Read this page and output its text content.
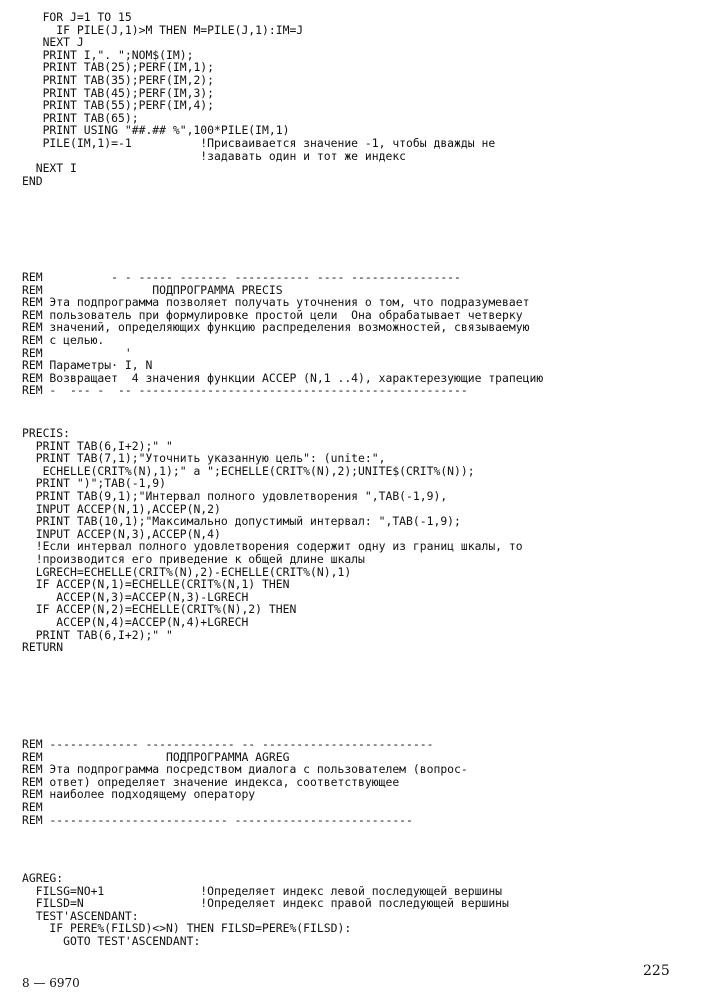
FOR J=1 TO 15
IF PILE(J,1)>M THEN M=PILE(J,1):IM=J
NEXT J
PRINT I,". ";NOM$(IM);
PRINT TAB(25);PERF(IM,1);
PRINT TAB(35);PERF(IM,2);
PRINT TAB(45);PERF(IM,3);
PRINT TAB(55);PERF(IM,4);
PRINT TAB(65);
PRINT USING "##.## %",100*PILE(IM,1)
PILE(IM,1)=-1          !Присваивается значение -1, чтобы дважды не
!задавать один и тот же индекс
NEXT I
END
REM          - - ----- ------- ----------- ---- ----------------
REM                ПОДПРОГРАММА PRECIS
REM Эта подпрограмма позволяет получать уточнения о том, что подразумевает
REM пользователь при формулировке простой цели  Она обрабатывает четверку
REM значений, определяющих функцию распределения возможностей, связываемую
REM с целью.
REM            '
REM Параметры· I, N
REM Возвращает  4 значения функции ACCEP (N,1 ..4), характерезующие трапецию
REM -  --- -  -- ------------------------------------------------
PRECIS:
PRINT TAB(6,I+2);" "
PRINT TAB(7,1);"Уточнить указанную цель": (unite:",
ECHELLE(CRIT%(N),1);" а ";ECHELLE(CRIT%(N),2);UNITE$(CRIT%(N));
PRINT ")";TAB(-1,9)
PRINT TAB(9,1);"Интервал полного удовлетворения ",TAB(-1,9),
INPUT ACCEP(N,1),ACCEP(N,2)
PRINT TAB(10,1);"Максимально допустимый интервал: ",TAB(-1,9);
INPUT ACCEP(N,3),ACCEP(N,4)
!Если интервал полного удовлетворения содержит одну из границ шкалы, то
!производится его приведение к общей длине шкалы
LGRECH=ECHELLE(CRIT%(N),2)-ECHELLE(CRIT%(N),1)
IF ACCEP(N,1)=ECHELLE(CRIT%(N,1) THEN
ACCEP(N,3)=ACCEP(N,3)-LGRECH
IF ACCEP(N,2)=ECHELLE(CRIT%(N),2) THEN
ACCEP(N,4)=ACCEP(N,4)+LGRECH
PRINT TAB(6,I+2);" "
RETURN
REM ------------- ------------- -- -------------------------
REM                  ПОДПРОГРАММА AGREG
REM Эта подпрограмма посредством диалога с пользователем (вопрос-
REM ответ) определяет значение индекса, соответствующее
REM наиболее подходящему оператору
REM
REM -------------------------- --------------------------
AGREG:
FILSG=NO+1              !Определяет индекс левой последующей вершины
FILSD=N                 !Определяет индекс правой последующей вершины
TEST'ASCENDANT:
IF PERE%(FILSD)<>N) THEN FILSD=PERE%(FILSD):
GOTO TEST'ASCENDANT:
225
8 — 6970
